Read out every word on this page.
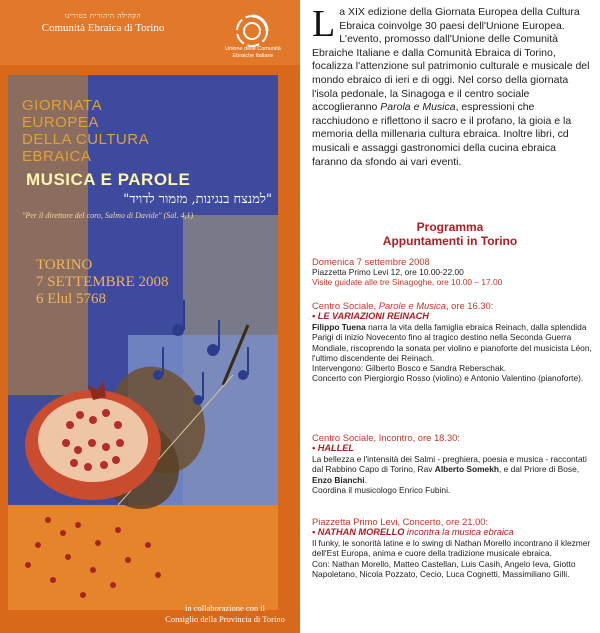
הקהילה היהודית בטורינו
Comunità Ebraica di Torino
Unione delle Comunità Ebraiche Italiane
GIORNATA
EUROPEA
DELLA CULTURA
EBRAICA
MUSICA E PAROLE
"למנצח בנגינות, מזמור לדויד"
"Per il direttore del coro, Salmo di Davide" (Sal. 4,1)
TORINO
7 SETTEMBRE 2008
6 Elul 5768
in collaborazione con il
Consiglio della Provincia di Torino
La XIX edizione della Giornata Europea della Cultura Ebraica coinvolge 30 paesi dell'Unione Europea. L'evento, promosso dall'Unione delle Comunità Ebraiche Italiane e dalla Comunità Ebraica di Torino, focalizza l'attenzione sul patrimonio culturale e musicale del mondo ebraico di ieri e di oggi. Nel corso della giornata l'isola pedonale, la Sinagoga e il centro sociale accoglieranno Parola e Musica, espressioni che racchiudono e riflettono il sacro e il profano, la gioia e la memoria della millenaria cultura ebraica. Inoltre libri, cd musicali e assaggi gastronomici della cucina ebraica faranno da sfondo ai vari eventi.
Programma
Appuntamenti in Torino
Domenica 7 settembre 2008
Piazzetta Primo Levi 12, ore 10.00-22.00
Visite guidate alle tre Sinagoghe, ore 10.00 – 17.00
Centro Sociale, Parole e Musica, ore 16.30:
• LE VARIAZIONI REINACH
Filippo Tuena narra la vita della famiglia ebraica Reinach, dalla splendida Parigi di inizio Novecento fino al tragico destino nella Seconda Guerra Mondiale, riscoprendo la sonata per violino e pianoforte del musicista Léon, l'ultimo discendente dei Reinach.
Intervengono: Gilberto Bosco e Sandra Reberschak.
Concerto con Piergiorgio Rosso (violino) e Antonio Valentino (pianoforte).
Centro Sociale, Incontro, ore 18.30:
• HALLEL
La bellezza e l'intensità dei Salmi - preghiera, poesia e musica - raccontati dal Rabbino Capo di Torino, Rav Alberto Somekh, e dal Priore di Bose, Enzo Bianchi.
Coordina il musicologo Enrico Fubini.
Piazzetta Primo Levi, Concerto, ore 21.00:
• NATHAN MORELLO incontra la musica ebraica
Il funky, le sonorità latine e lo swing di Nathan Morello incontrano il klezmer dell'Est Europa, anima e cuore della tradizione musicale ebraica.
Con: Nathan Morello, Matteo Castellan, Luis Casih, Angelo Ieva, Giotto Napoletano, Nicola Pozzato, Cecio, Luca Cognetti, Massimiliano Gilli.
